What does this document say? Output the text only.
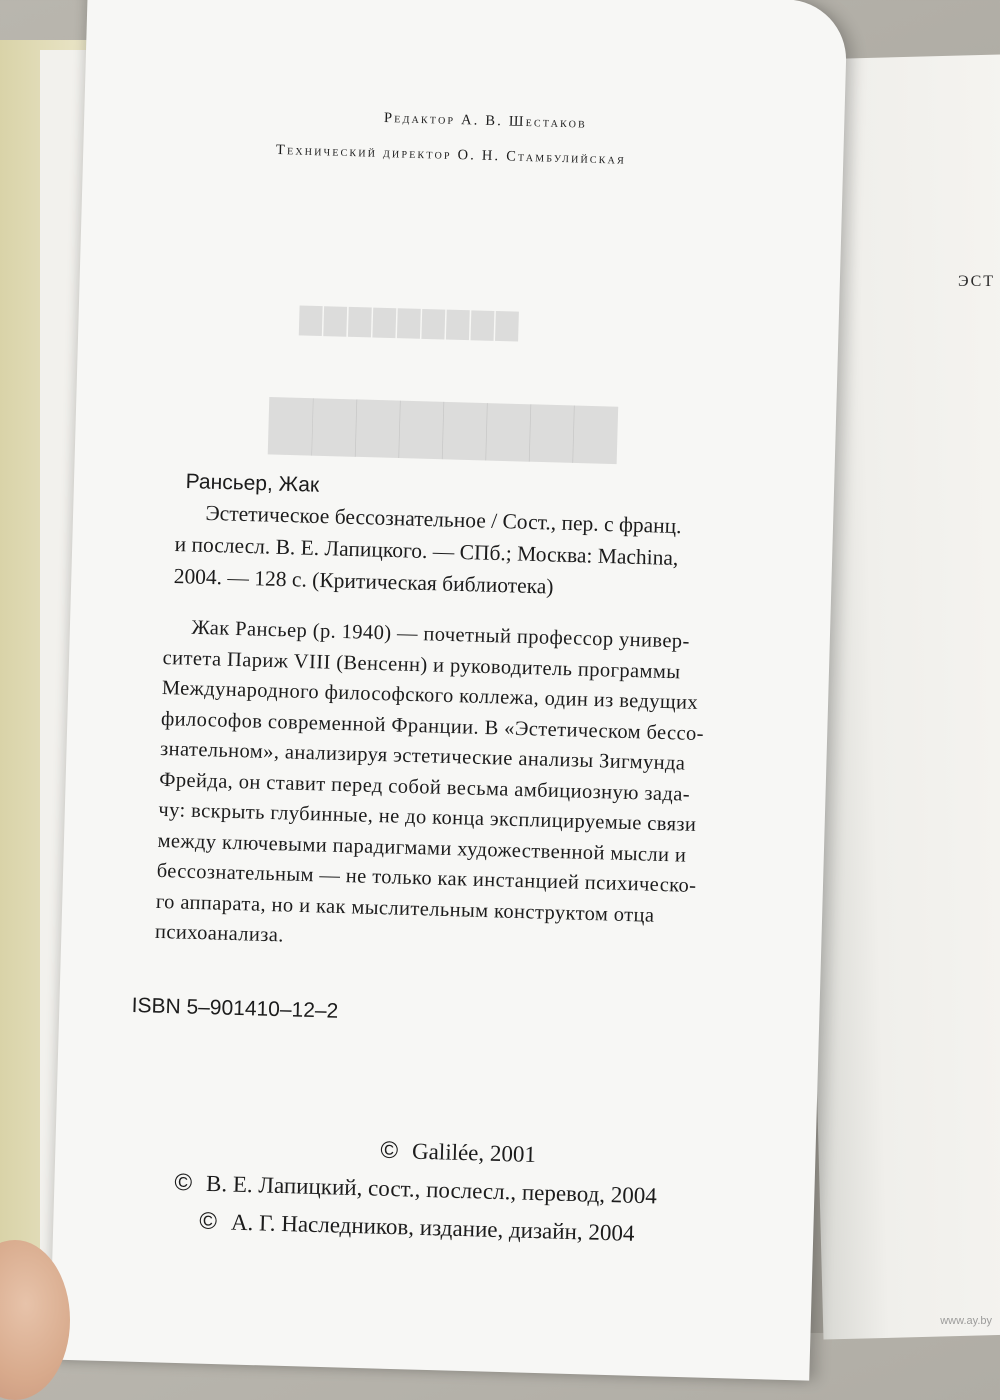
ЭСТ
▇▇▇▇▇▇▇▇▇
▇▇▇▇▇▇▇▇
Редактор А. В. Шестаков
Технический директор О. Н. Стамбулийская
Рансьер, Жак
Эстетическое бессознательное / Сост., пер. с франц.
и послесл. В. Е. Лапицкого. — СПб.; Москва: Machina,
2004. — 128 с. (Критическая библиотека)
Жак Рансьер (р. 1940) — почетный профессор универ-
ситета Париж VIII (Венсенн) и руководитель программы
Международного философского коллежа, один из ведущих
философов современной Франции. В «Эстетическом бессо-
знательном», анализируя эстетические анализы Зигмунда
Фрейда, он ставит перед собой весьма амбициозную зада-
чу: вскрыть глубинные, не до конца эксплицируемые связи
между ключевыми парадигмами художественной мысли и
бессознательным — не только как инстанцией психическо-
го аппарата, но и как мыслительным конструктом отца
психоанализа.
ISBN 5–901410–12–2
© Galilée, 2001
© В. Е. Лапицкий, сост., послесл., перевод, 2004
© А. Г. Наследников, издание, дизайн, 2004
www.ay.by
